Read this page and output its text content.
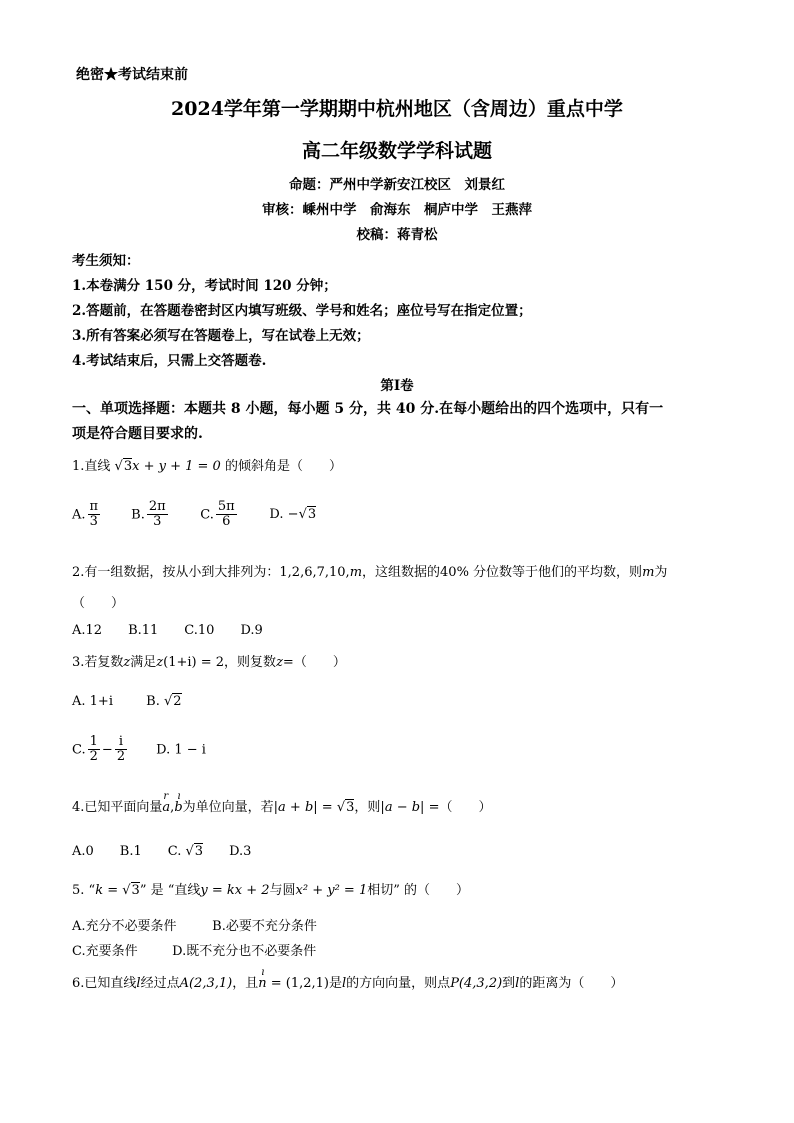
绝密★考试结束前
2024学年第一学期期中杭州地区（含周边）重点中学
高二年级数学学科试题
命题：严州中学新安江校区　刘景红
审核：嵊州中学　俞海东　桐庐中学　王燕萍
校稿：蒋青松
考生须知：
1.本卷满分 150 分，考试时间 120 分钟；
2.答题前，在答题卷密封区内填写班级、学号和姓名；座位号写在指定位置；
3.所有答案必须写在答题卷上，写在试卷上无效；
4.考试结束后，只需上交答题卷.
第Ⅰ卷
一、单项选择题：本题共 8 小题，每小题 5 分，共 40 分.在每小题给出的四个选项中，只有一
项是符合题目要求的.
1.直线 √3x + y + 1 = 0 的倾斜角是（　　）
A. $\frac{\pi}{3} B$. $\frac{2\pi}{3}$	C. $\frac{5\pi}{6}$	D. −√3
2.有一组数据，按从小到大排列为：1,2,6,7,10,m，这组数据的40% 分位数等于他们的平均数，则m为
（　　）
A.12　　B.11　　C.10　　D.9
3.若复数z满足z(1+i) = 2，则复数z=（　　）
A. 1+i	B. √2
C. $\frac{1}{2} - \frac{i}{2} D$. 1 − i
4.已知平面向量r a,ı b为单位向量，若|a + b| = √3，则|a − b| =（　　）
A.0　　B.1　　C. √3　　D.3
5. “k = √3” 是 “直线y = kx + 2与圆x² + y² = 1相切” 的（　　）
A.充分不必要条件	B.必要不充分条件
C.充要条件	D.既不充分也不必要条件
6.已知直线l经过点A(2,3,1)，且ı n = (1,2,1)是l的方向向量，则点P(4,3,2)到l的距离为（　　）
